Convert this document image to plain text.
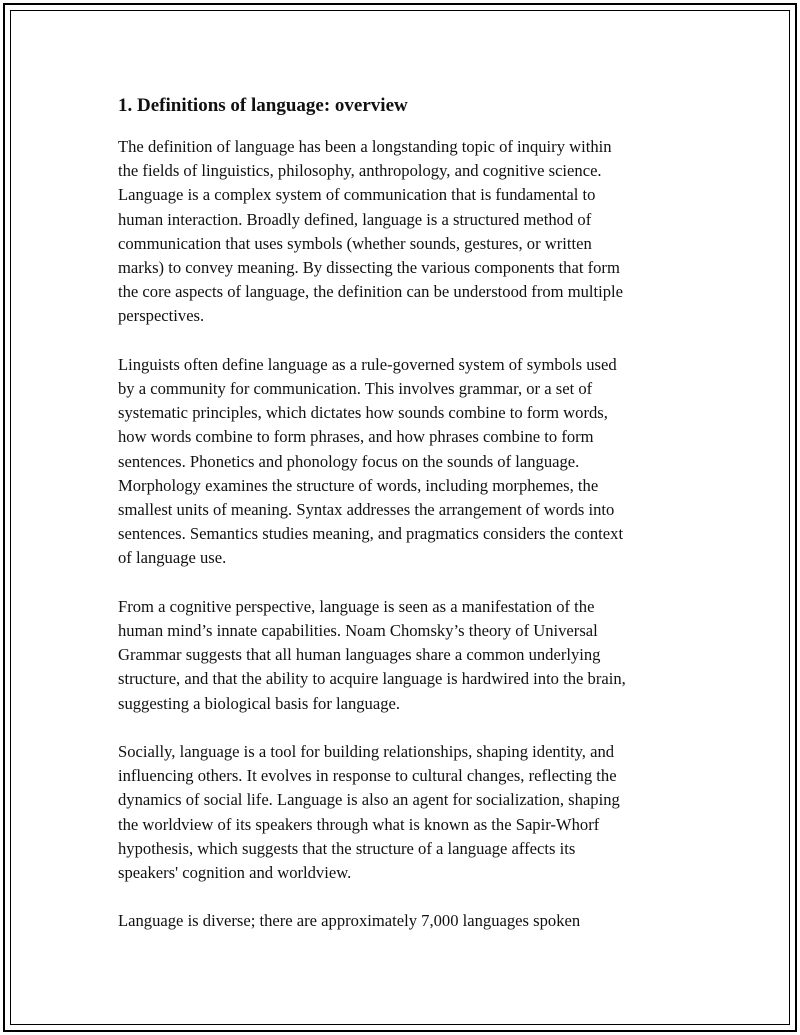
1. Definitions of language: overview

The definition of language has been a longstanding topic of inquiry within
the fields of linguistics, philosophy, anthropology, and cognitive science.
Language is a complex system of communication that is fundamental to
human interaction. Broadly defined, language is a structured method of
communication that uses symbols (whether sounds, gestures, or written
marks) to convey meaning. By dissecting the various components that form
the core aspects of language, the definition can be understood from multiple
perspectives.

Linguists often define language as a rule-governed system of symbols used
by a community for communication. This involves grammar, or a set of
systematic principles, which dictates how sounds combine to form words,
how words combine to form phrases, and how phrases combine to form
sentences. Phonetics and phonology focus on the sounds of language.
Morphology examines the structure of words, including morphemes, the
smallest units of meaning. Syntax addresses the arrangement of words into
sentences. Semantics studies meaning, and pragmatics considers the context
of language use.

From a cognitive perspective, language is seen as a manifestation of the
human mind’s innate capabilities. Noam Chomsky’s theory of Universal
Grammar suggests that all human languages share a common underlying
structure, and that the ability to acquire language is hardwired into the brain,
suggesting a biological basis for language.

Socially, language is a tool for building relationships, shaping identity, and
influencing others. It evolves in response to cultural changes, reflecting the
dynamics of social life. Language is also an agent for socialization, shaping
the worldview of its speakers through what is known as the Sapir-Whorf
hypothesis, which suggests that the structure of a language affects its
speakers' cognition and worldview.

Language is diverse; there are approximately 7,000 languages spoken
